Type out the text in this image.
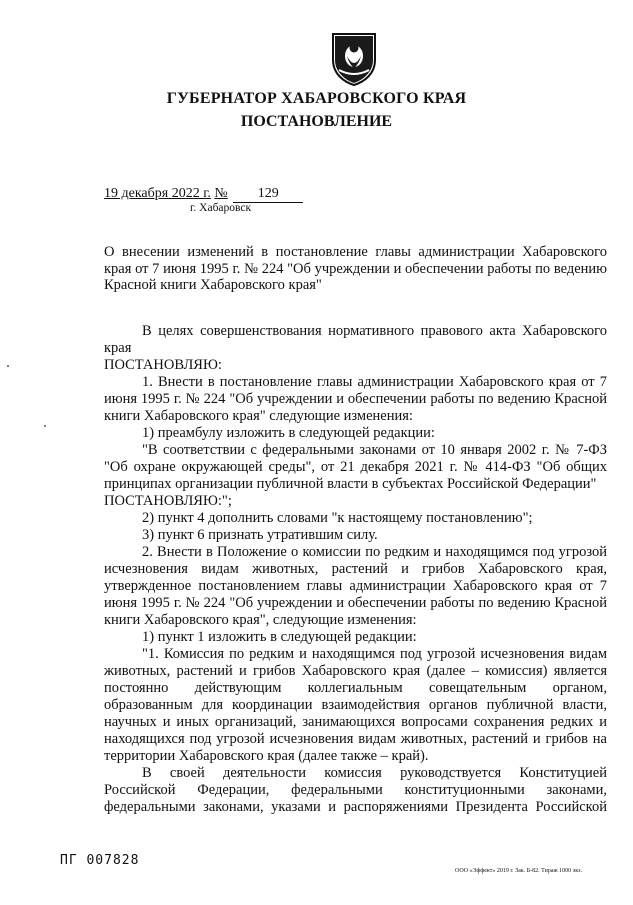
ГУБЕРНАТОР ХАБАРОВСКОГО КРАЯ
ПОСТАНОВЛЕНИЕ
19 декабря 2022 г. № 129
г. Хабаровск
О внесении изменений в постановление главы администрации Хабаровского края от 7 июня 1995 г. № 224 "Об учреждении и обеспечении работы по ведению Красной книги Хабаровского края"

В целях совершенствования нормативного правового акта Хабаровского края

ПОСТАНОВЛЯЮ:

1. Внести в постановление главы администрации Хабаровского края от 7 июня 1995 г. № 224 "Об учреждении и обеспечении работы по ведению Красной книги Хабаровского края" следующие изменения:

1) преамбулу изложить в следующей редакции:

"В соответствии с федеральными законами от 10 января 2002 г. № 7-ФЗ "Об охране окружающей среды", от 21 декабря 2021 г. № 414-ФЗ "Об общих принципах организации публичной власти в субъектах Российской Федерации"

ПОСТАНОВЛЯЮ:";

2) пункт 4 дополнить словами "к настоящему постановлению";

3) пункт 6 признать утратившим силу.

2. Внести в Положение о комиссии по редким и находящимся под угрозой исчезновения видам животных, растений и грибов Хабаровского края, утвержденное постановлением главы администрации Хабаровского края от 7 июня 1995 г. № 224 "Об учреждении и обеспечении работы по ведению Красной книги Хабаровского края", следующие изменения:

1) пункт 1 изложить в следующей редакции:

"1. Комиссия по редким и находящимся под угрозой исчезновения видам животных, растений и грибов Хабаровского края (далее – комиссия) является постоянно действующим коллегиальным совещательным органом, образованным для координации взаимодействия органов публичной власти, научных и иных организаций, занимающихся вопросами сохранения редких и находящихся под угрозой исчезновения видам животных, растений и грибов на территории Хабаровского края (далее также – край).

В своей деятельности комиссия руководствуется Конституцией Российской Федерации, федеральными конституционными законами, федеральными законами, указами и распоряжениями Президента Российской

ПГ 007828
ООО «Эффект» 2019 г. Зак. Б-82. Тираж 1000 экз.
